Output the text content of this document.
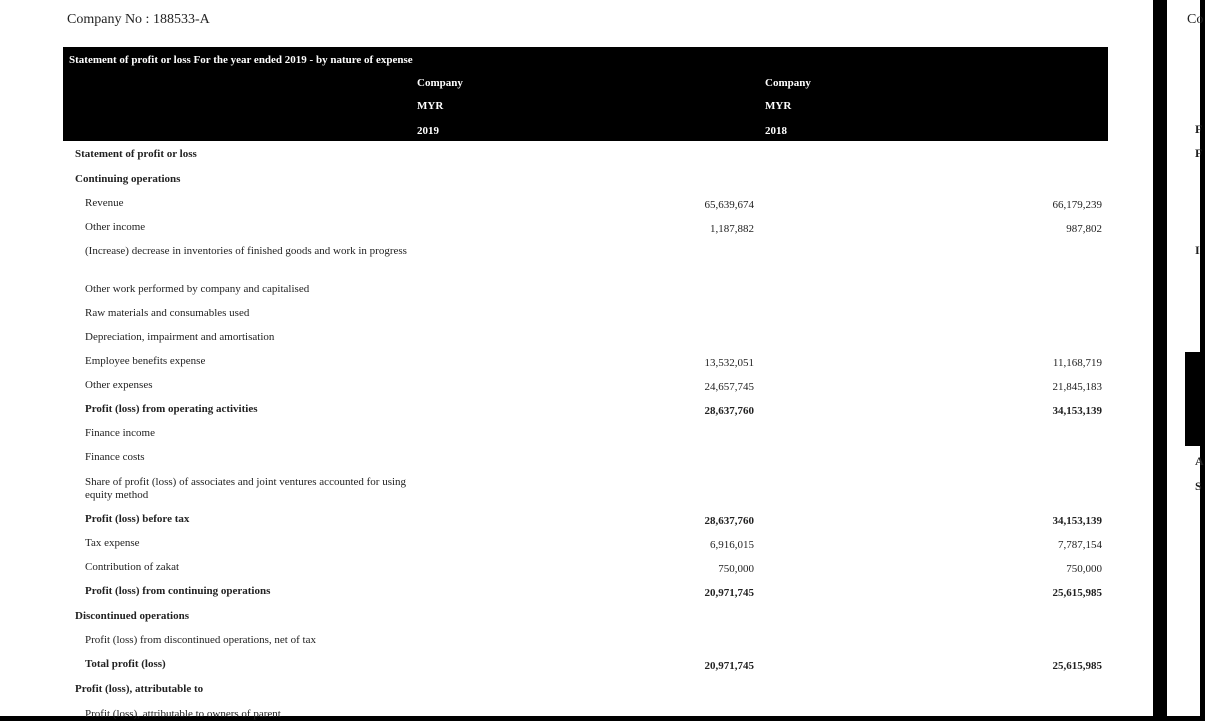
Company No : 188533-A
Statement of profit or loss For the year ended 2019 - by nature of expense
Company
MYR
2019
Company
MYR
2018
Statement of profit or loss
Continuing operations
Revenue	65,639,674	66,179,239
Other income	1,187,882	987,802
(Increase) decrease in inventories of finished goods and work in progress
Other work performed by company and capitalised
Raw materials and consumables used
Depreciation, impairment and amortisation
Employee benefits expense	13,532,051	11,168,719
Other expenses	24,657,745	21,845,183
Profit (loss) from operating activities	28,637,760	34,153,139
Finance income
Finance costs
Share of profit (loss) of associates and joint ventures accounted for using equity method
Profit (loss) before tax	28,637,760	34,153,139
Tax expense	6,916,015	7,787,154
Contribution of zakat	750,000	750,000
Profit (loss) from continuing operations	20,971,745	25,615,985
Discontinued operations
Profit (loss) from discontinued operations, net of tax
Total profit (loss)	20,971,745	25,615,985
Profit (loss), attributable to
Profit (loss), attributable to owners of parent
Co
F
F
I
A
S
